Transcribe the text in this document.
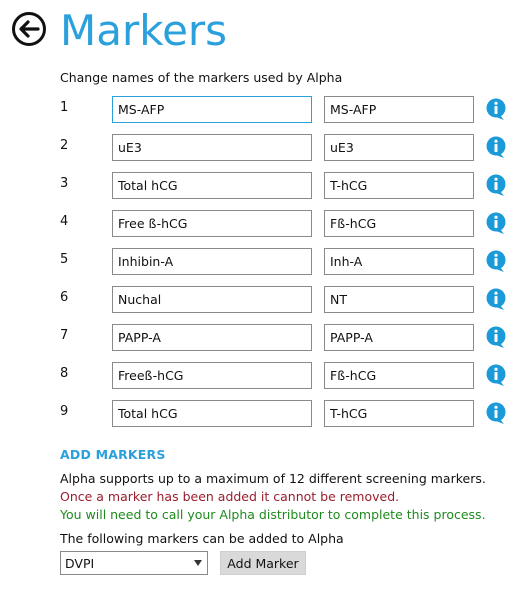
Markers
Change names of the markers used by Alpha
1
MS-AFP
MS-AFP
2
uE3
uE3
3
Total hCG
T-hCG
4
Free ß-hCG
Fß-hCG
5
Inhibin-A
Inh-A
6
Nuchal
NT
7
PAPP-A
PAPP-A
8
Freeß-hCG
Fß-hCG
9
Total hCG
T-hCG
ADD MARKERS
Alpha supports up to a maximum of 12 different screening markers.
Once a marker has been added it cannot be removed.
You will need to call your Alpha distributor to complete this process.
The following markers can be added to Alpha
DVPI	Add Marker
